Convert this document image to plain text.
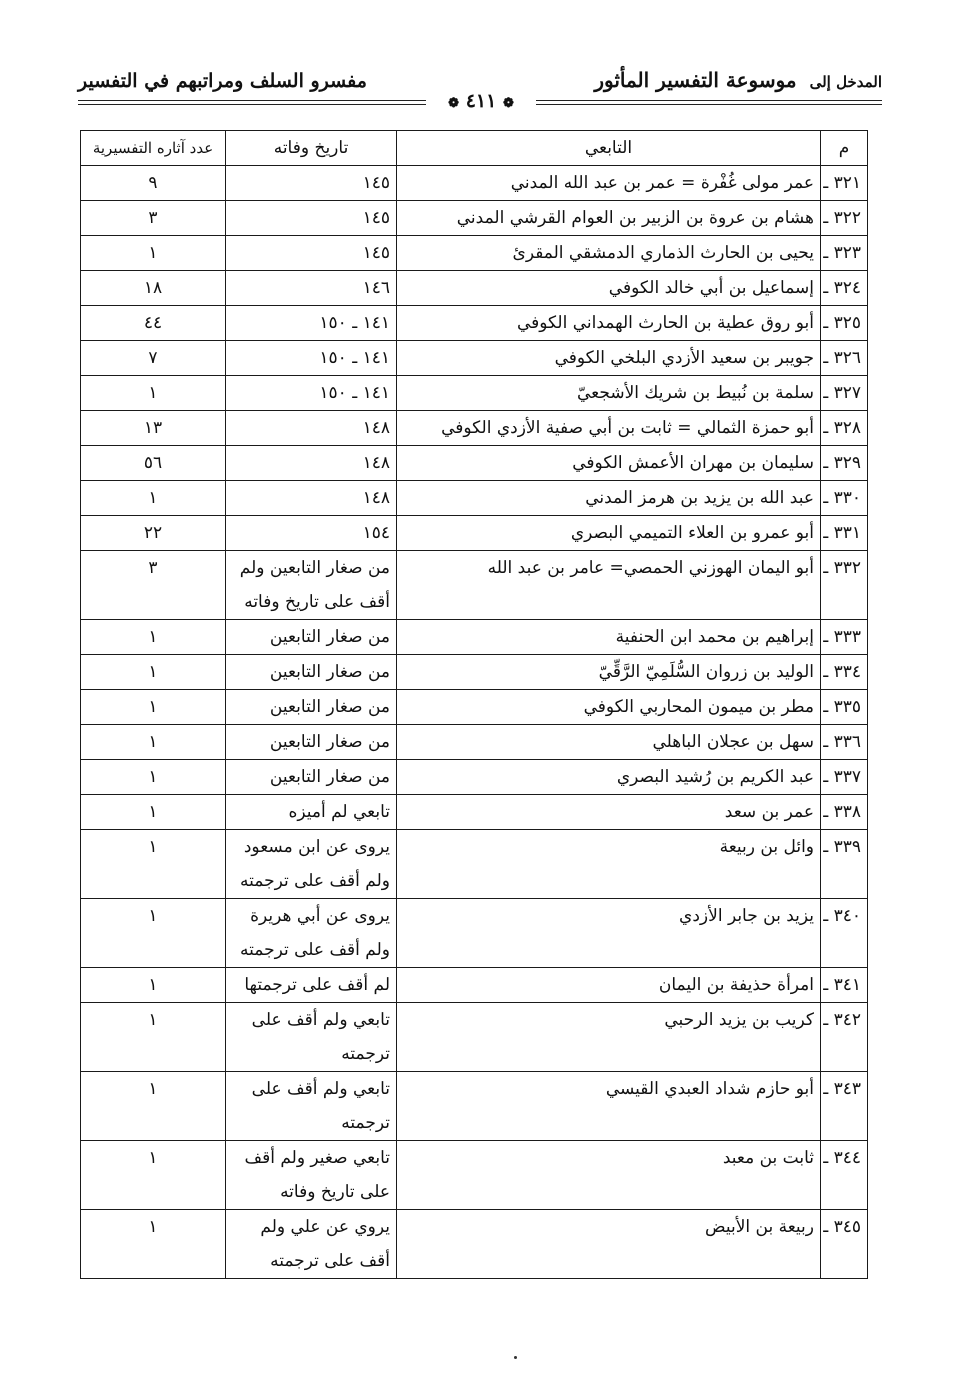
المدخل إلى موسوعة التفسير المأثور
مفسرو السلف ومراتبهم في التفسير
❁ ٤١١ ❁
م	التابعي	تاريخ وفاته	عدد آثاره التفسيرية
٣٢١ ـ	عمر مولى غُفْرة = عمر بن عبد الله المدني	١٤٥	٩
٣٢٢ ـ	هشام بن عروة بن الزبير بن العوام القرشي المدني	١٤٥	٣
٣٢٣ ـ	يحيى بن الحارث الذماري الدمشقي المقرئ	١٤٥	١
٣٢٤ ـ	إسماعيل بن أبي خالد الكوفي	١٤٦	١٨
٣٢٥ ـ	أبو روق عطية بن الحارث الهمداني الكوفي	١٤١ ـ ١٥٠	٤٤
٣٢٦ ـ	جويبر بن سعيد الأزدي البلخي الكوفي	١٤١ ـ ١٥٠	٧
٣٢٧ ـ	سلمة بن نُبيط بن شريك الأشجعيّ	١٤١ ـ ١٥٠	١
٣٢٨ ـ	أبو حمزة الثمالي = ثابت بن أبي صفية الأزدي الكوفي	١٤٨	١٣
٣٢٩ ـ	سليمان بن مهران الأعمش الكوفي	١٤٨	٥٦
٣٣٠ ـ	عبد الله بن يزيد بن هرمز المدني	١٤٨	١
٣٣١ ـ	أبو عمرو بن العلاء التميمي البصري	١٥٤	٢٢
٣٣٢ ـ	أبو اليمان الهوزني الحمصي= عامر بن عبد الله	من صغار التابعين ولم أقف على تاريخ وفاته	٣
٣٣٣ ـ	إبراهيم بن محمد ابن الحنفية	من صغار التابعين	١
٣٣٤ ـ	الوليد بن زروان السُّلَمِيّ الرَّقِّيّ	من صغار التابعين	١
٣٣٥ ـ	مطر بن ميمون المحاربي الكوفي	من صغار التابعين	١
٣٣٦ ـ	سهل بن عجلان الباهلي	من صغار التابعين	١
٣٣٧ ـ	عبد الكريم بن رُشيد البصري	من صغار التابعين	١
٣٣٨ ـ	عمر بن سعد	تابعي لم أميزه	١
٣٣٩ ـ	وائل بن ربيعة	يروى عن ابن مسعود ولم أقف على ترجمته	١
٣٤٠ ـ	يزيد بن جابر الأزدي	يروى عن أبي هريرة ولم أقف على ترجمته	١
٣٤١ ـ	امرأة حذيفة بن اليمان	لم أقف على ترجمتها	١
٣٤٢ ـ	كريب بن يزيد الرحبي	تابعي ولم أقف على ترجمته	١
٣٤٣ ـ	أبو حازم شداد العبدي القيسي	تابعي ولم أقف على ترجمته	١
٣٤٤ ـ	ثابت بن معبد	تابعي صغير ولم أقف على تاريخ وفاته	١
٣٤٥ ـ	ربيعة بن الأبيض	يروي عن علي ولم أقف على ترجمته	١
